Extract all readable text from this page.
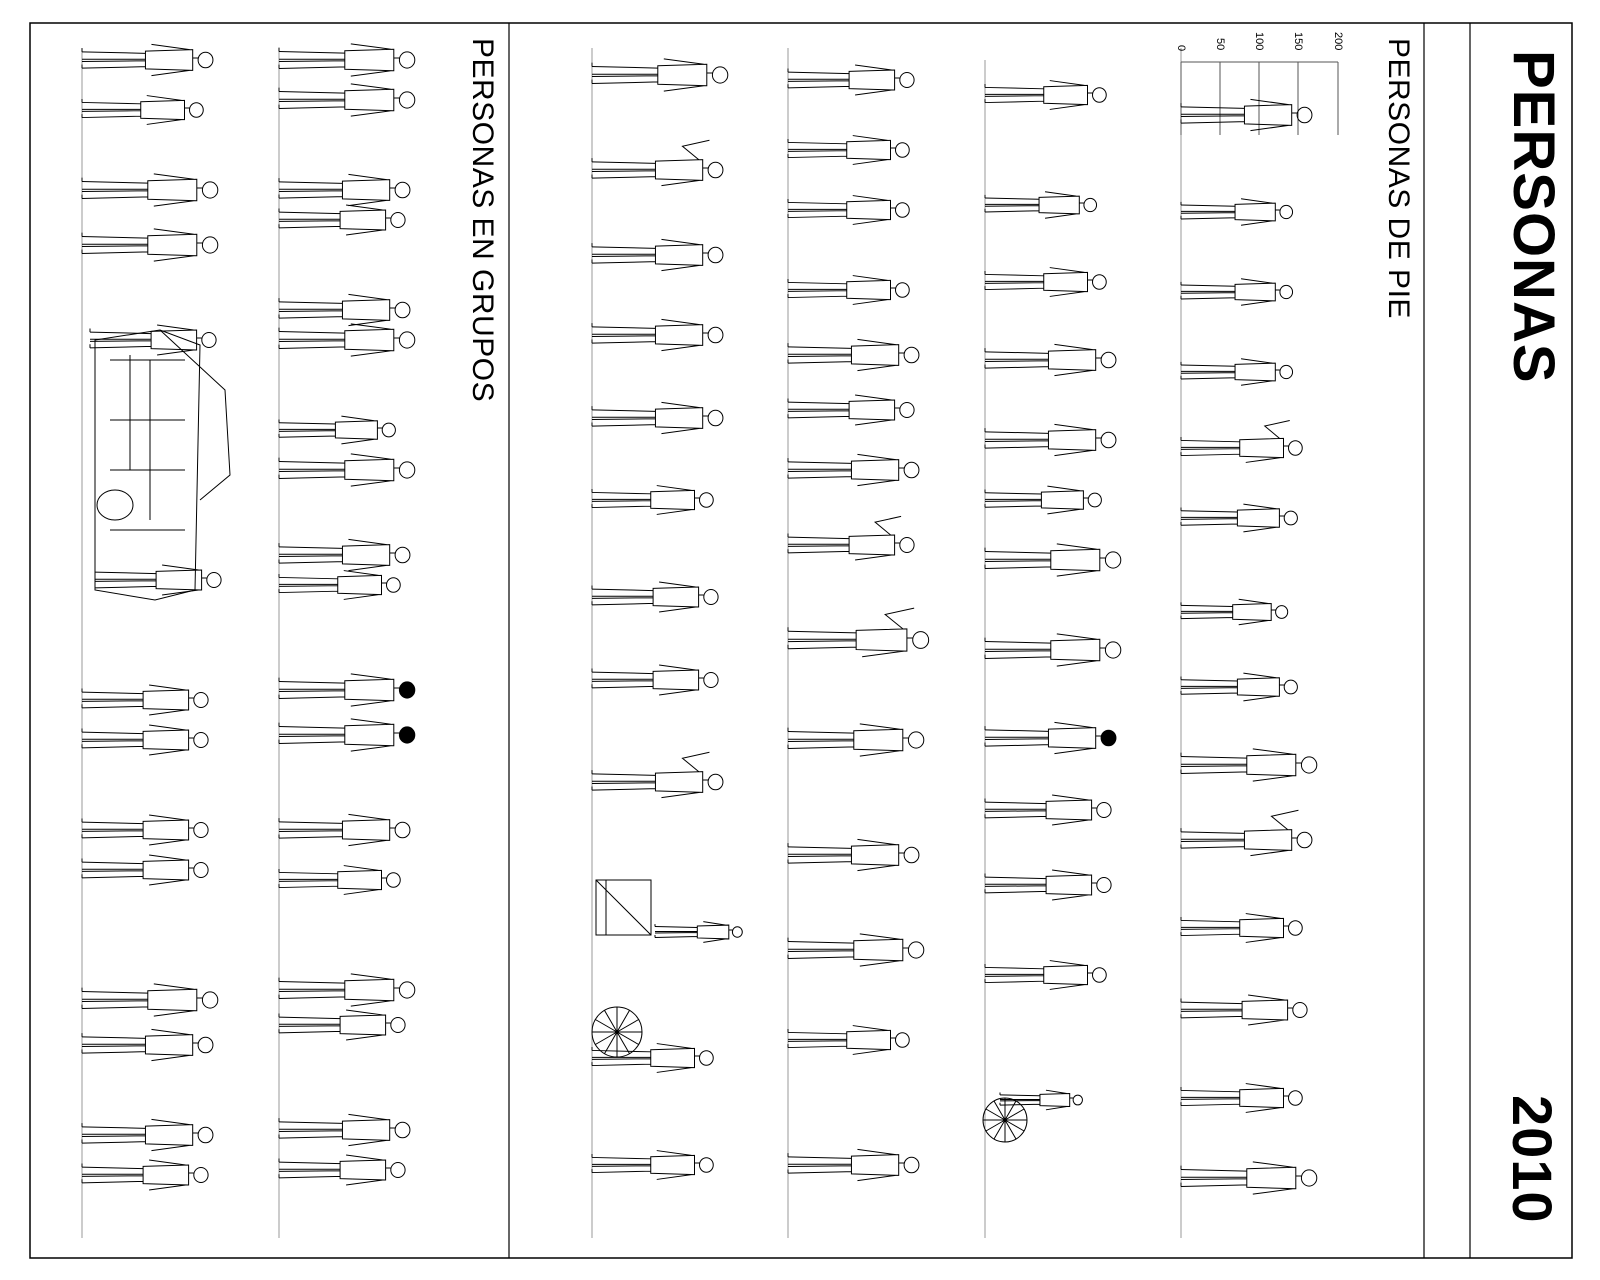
PERSONAS
2010
PERSONAS DE PIE
PERSONAS EN GRUPOS	200
150
100
50
0
